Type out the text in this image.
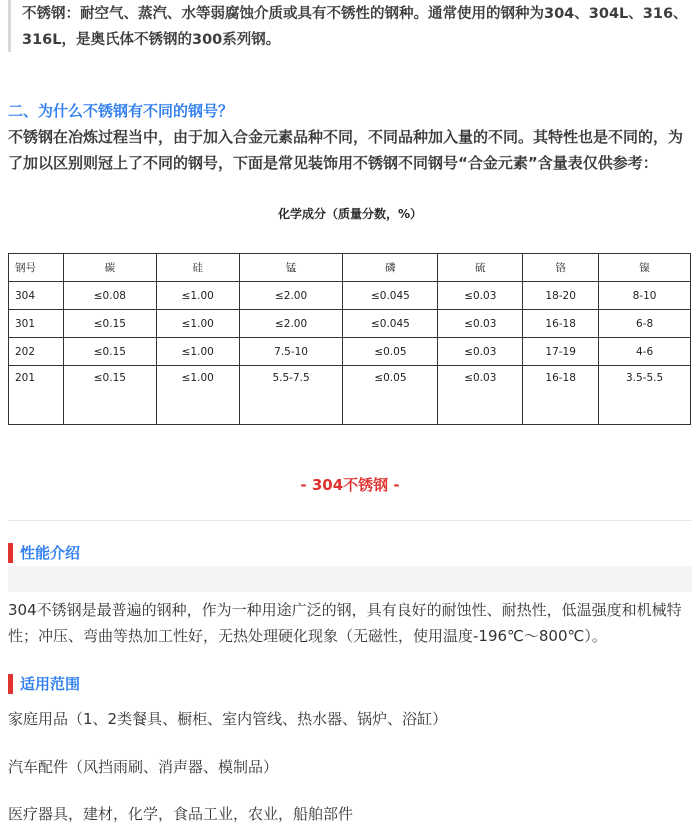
不锈钢：耐空气、蒸汽、水等弱腐蚀介质或具有不锈性的钢种。通常使用的钢种为304、304L、316、 316L，是奥氏体不锈钢的300系列钢。
二、为什么不锈钢有不同的钢号？

不锈钢在冶炼过程当中，由于加入合金元素品种不同，不同品种加入量的不同。其特性也是不同的，为了加以区别则冠上了不同的钢号，下面是常见装饰用不锈钢不同钢号“合金元素”含量表仅供参考：

化学成分（质量分数，%）
钢号	碳	硅	锰	磷	硫	铬	镍
304	≤0.08	≤1.00	≤2.00	≤0.045	≤0.03	18-20	8-10
301	≤0.15	≤1.00	≤2.00	≤0.045	≤0.03	16-18	6-8
202	≤0.15	≤1.00	7.5-10	≤0.05	≤0.03	17-19	4-6
201	≤0.15	≤1.00	5.5-7.5	≤0.05	≤0.03	16-18	3.5-5.5
- 304不锈钢 -
性能介绍

304不锈钢是最普遍的钢种，作为一种用途广泛的钢，具有良好的耐蚀性、耐热性，低温强度和机械特性；冲压、弯曲等热加工性好，无热处理硬化现象（无磁性，使用温度-196℃～800℃）。

适用范围

家庭用品（1、2类餐具、橱柜、室内管线、热水器、锅炉、浴缸）

汽车配件（风挡雨刷、消声器、模制品）

医疗器具，建材，化学，食品工业，农业，船舶部件
